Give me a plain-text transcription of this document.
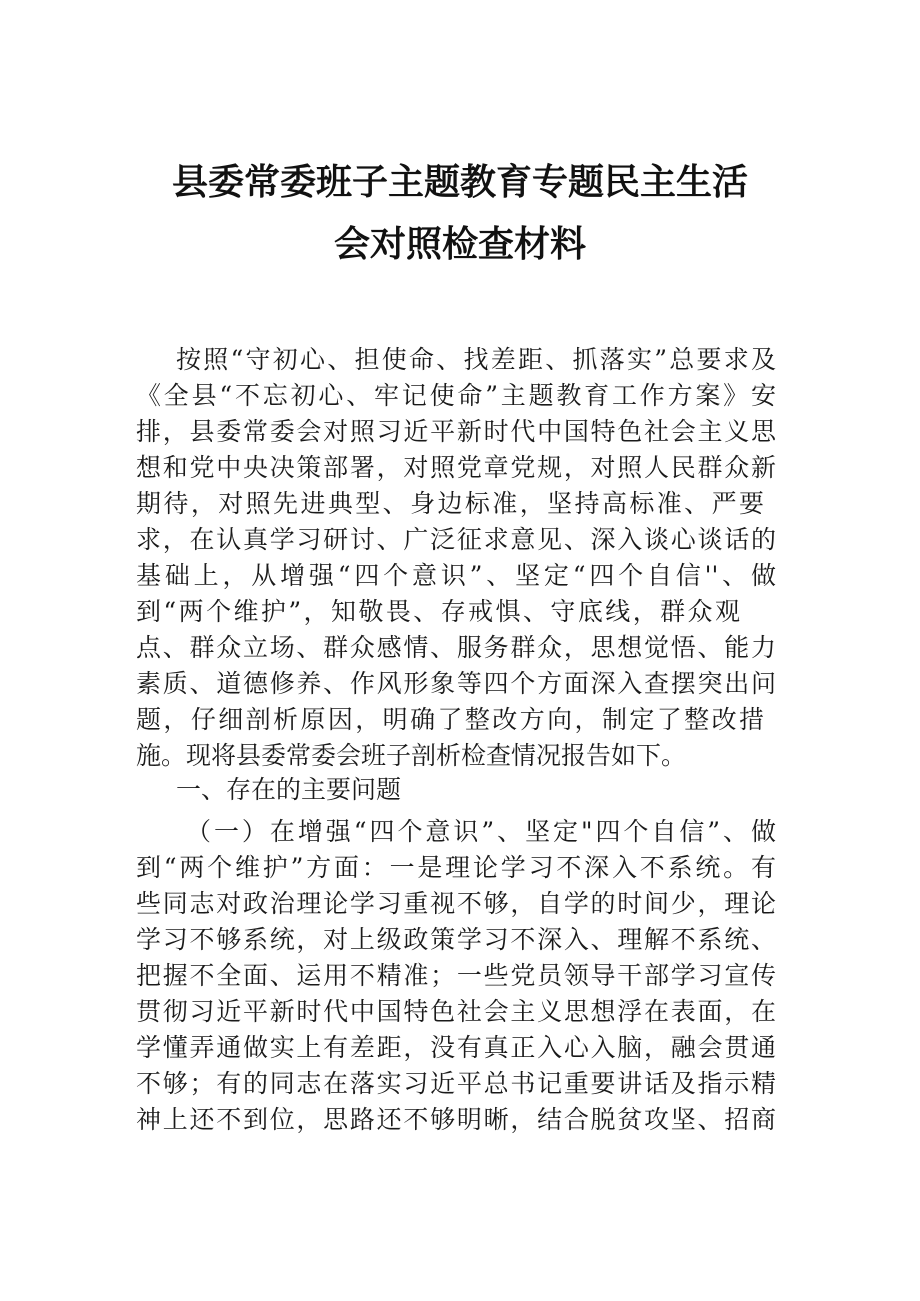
县委常委班子主题教育专题民主生活
会对照检查材料

按照“守初心、担使命、找差距、抓落实”总要求及

《全县“不忘初心、牢记使命”主题教育工作方案》安

排，县委常委会对照习近平新时代中国特色社会主义思

想和党中央决策部署，对照党章党规，对照人民群众新

期待，对照先进典型、身边标准，坚持高标准、严要

求，在认真学习研讨、广泛征求意见、深入谈心谈话的

基础上，从增强“四个意识”、坚定“四个自信''、做

到“两个维护”，知敬畏、存戒惧、守底线，群众观

点、群众立场、群众感情、服务群众，思想觉悟、能力

素质、道德修养、作风形象等四个方面深入查摆突出问

题，仔细剖析原因，明确了整改方向，制定了整改措

施。现将县委常委会班子剖析检查情况报告如下。

一、存在的主要问题

（一）在增强“四个意识”、坚定"四个自信”、做

到“两个维护”方面：一是理论学习不深入不系统。有

些同志对政治理论学习重视不够，自学的时间少，理论

学习不够系统，对上级政策学习不深入、理解不系统、

把握不全面、运用不精准；一些党员领导干部学习宣传

贯彻习近平新时代中国特色社会主义思想浮在表面，在

学懂弄通做实上有差距，没有真正入心入脑，融会贯通

不够；有的同志在落实习近平总书记重要讲话及指示精

神上还不到位，思路还不够明晰，结合脱贫攻坚、招商
